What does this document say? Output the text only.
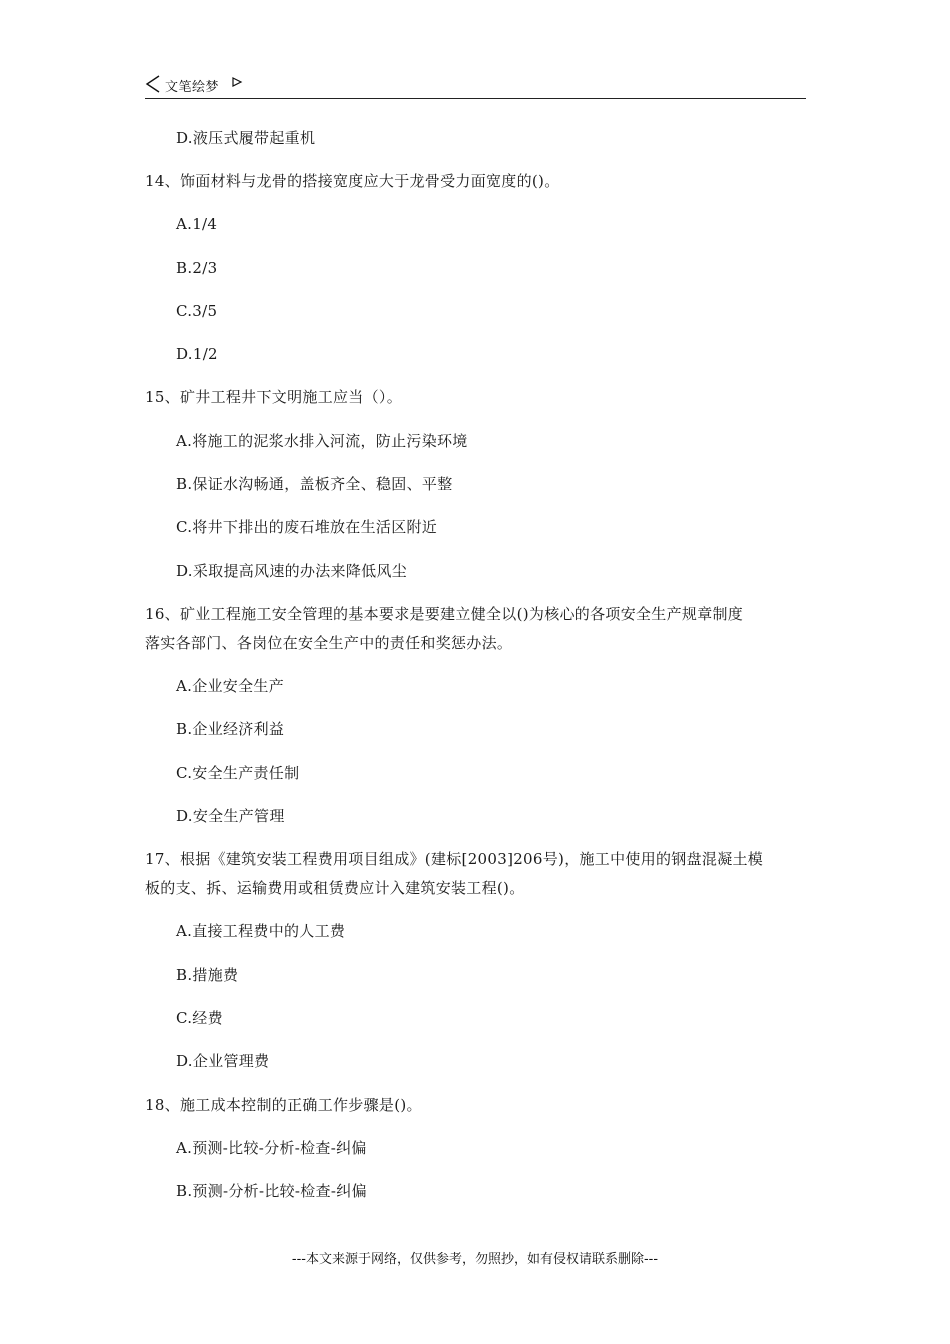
文笔绘梦
D.液压式履带起重机
14、饰面材料与龙骨的搭接宽度应大于龙骨受力面宽度的()。
A.1/4
B.2/3
C.3/5
D.1/2
15、矿井工程井下文明施工应当（）。
A.将施工的泥浆水排入河流，防止污染环境
B.保证水沟畅通，盖板齐全、稳固、平整
C.将井下排出的废石堆放在生活区附近
D.采取提高风速的办法来降低风尘
16、矿业工程施工安全管理的基本要求是要建立健全以()为核心的各项安全生产规章制度
落实各部门、各岗位在安全生产中的责任和奖惩办法。
A.企业安全生产
B.企业经济利益
C.安全生产责任制
D.安全生产管理
17、根据《建筑安装工程费用项目组成》(建标[2003]206号)，施工中使用的钢盘混凝土模
板的支、拆、运输费用或租赁费应计入建筑安装工程()。
A.直接工程费中的人工费
B.措施费
C.经费
D.企业管理费
18、施工成本控制的正确工作步骤是()。
A.预测-比较-分析-检查-纠偏
B.预测-分析-比较-检查-纠偏
---本文来源于网络，仅供参考，勿照抄，如有侵权请联系删除---
